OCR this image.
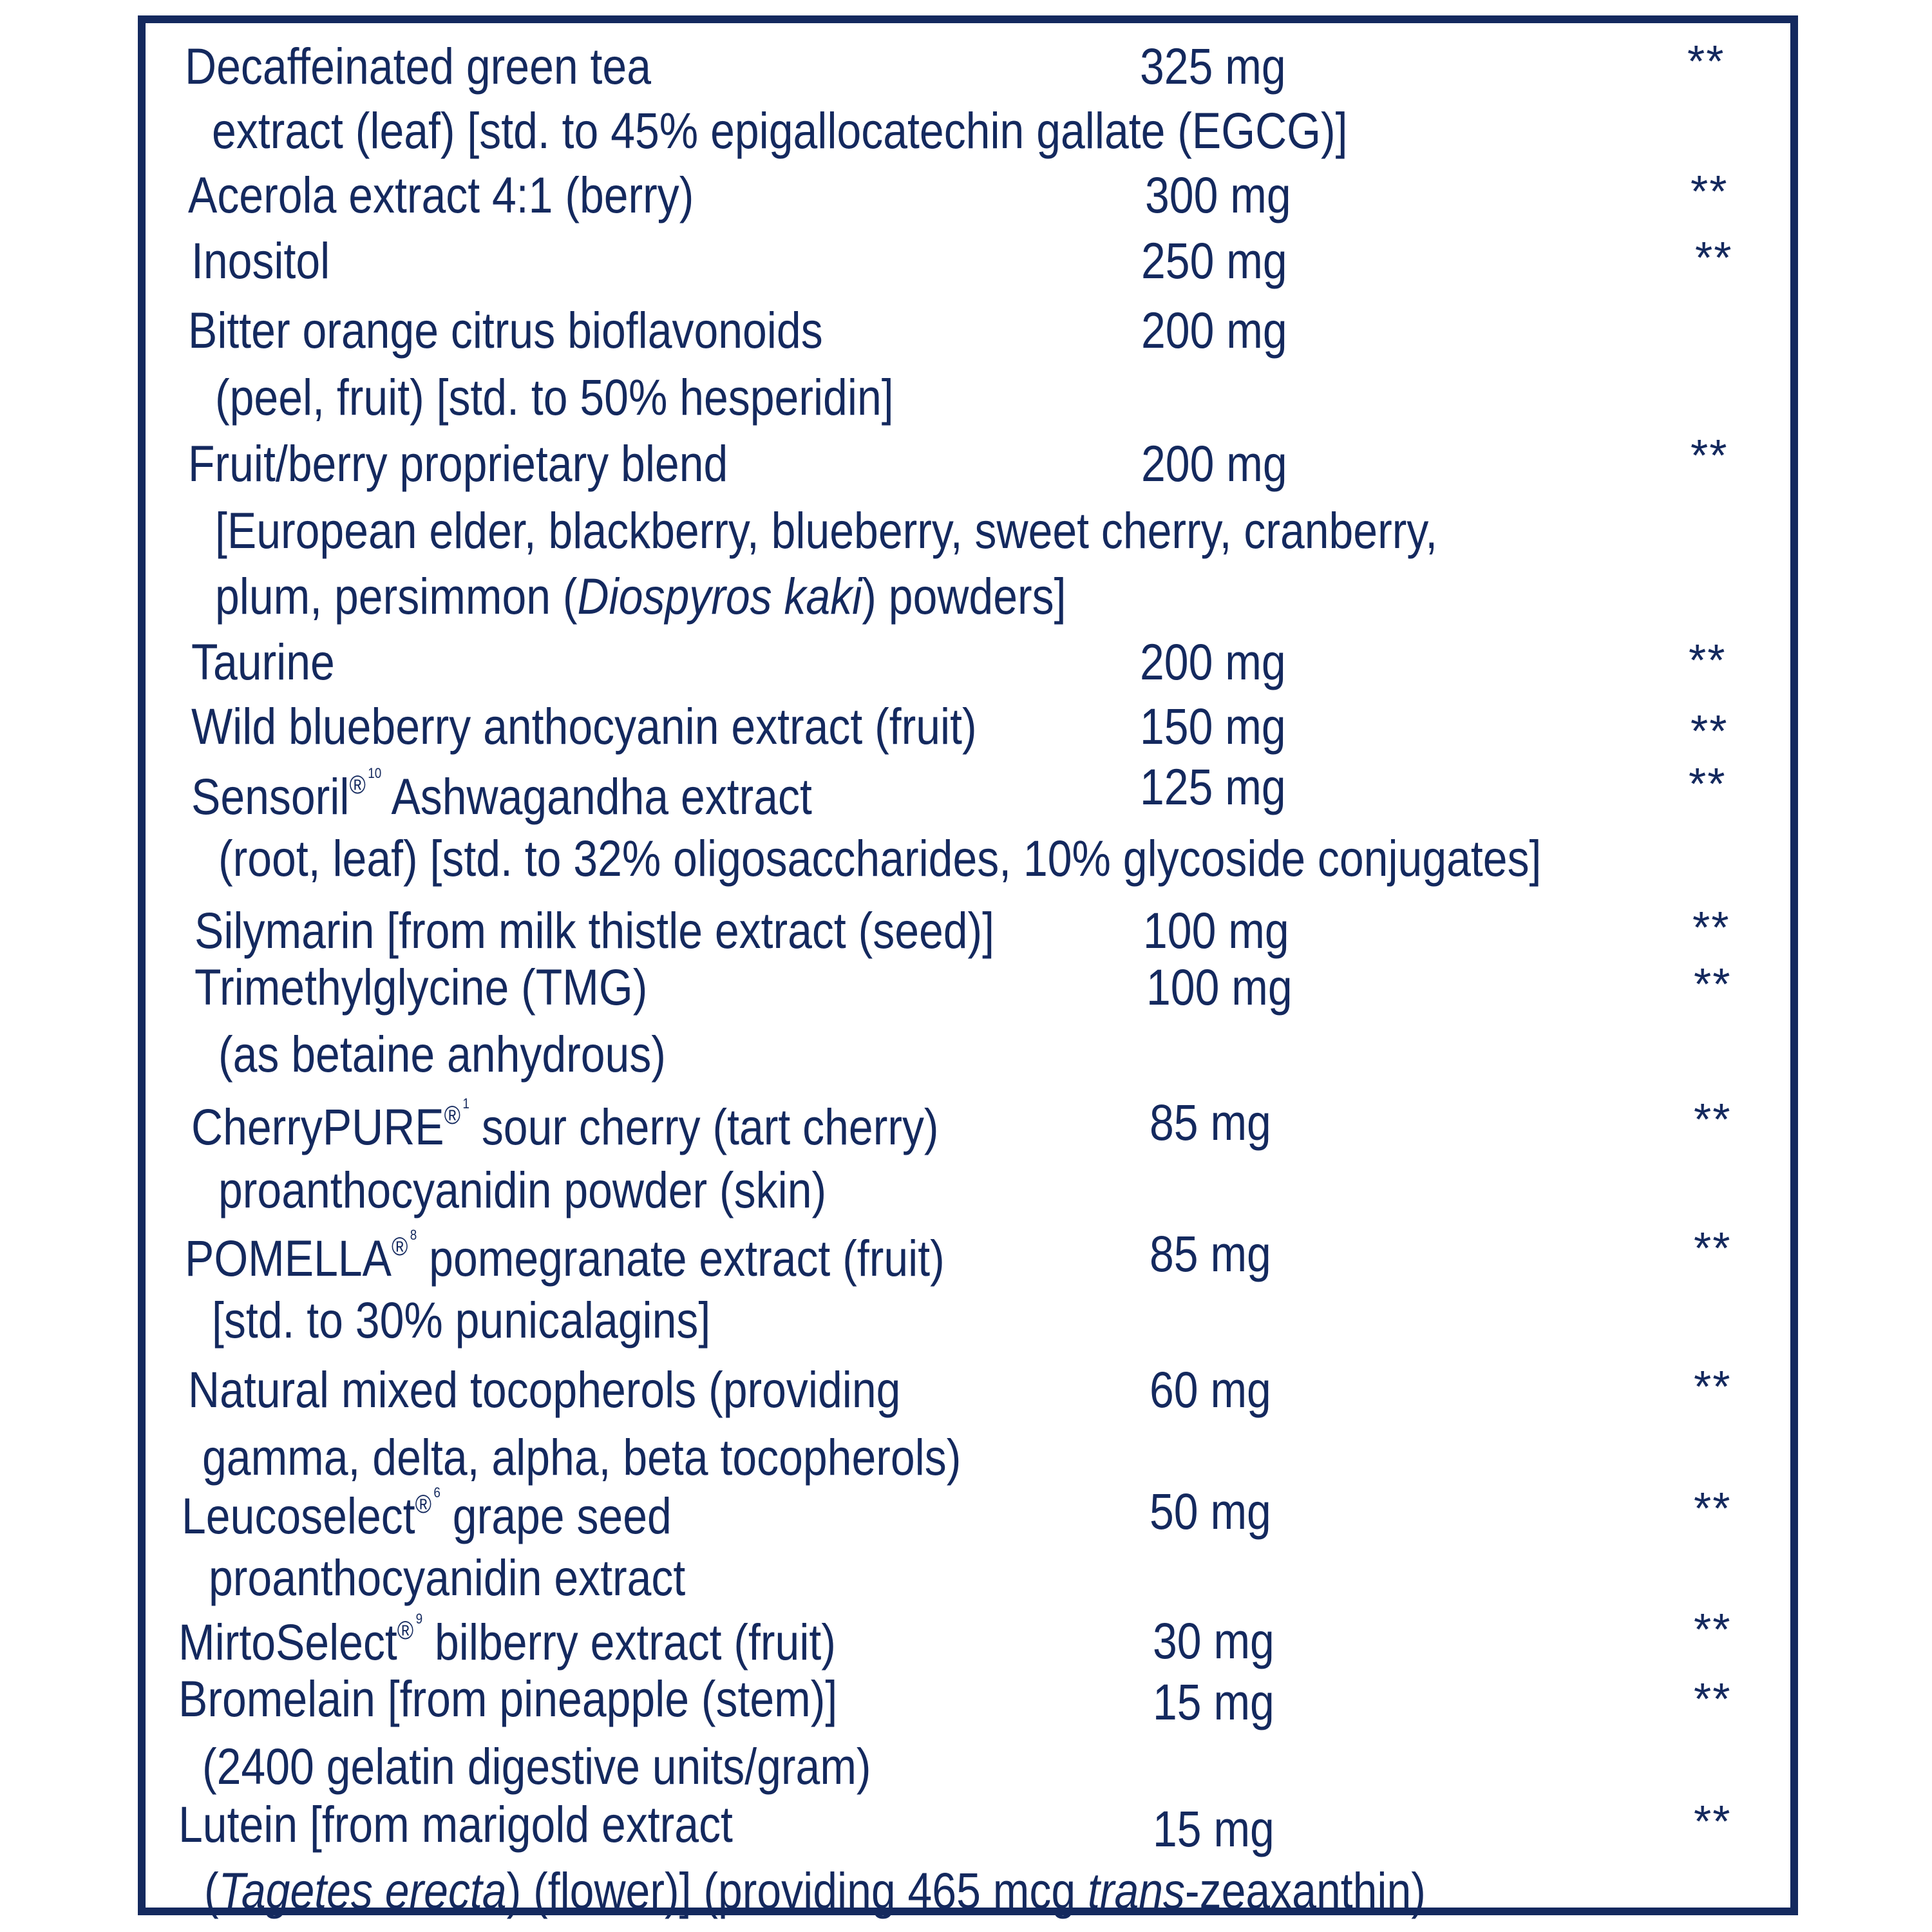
Decaffeinated green tea
extract (leaf) [std. to 45% epigallocatechin gallate (EGCG)]
325 mg	**
Acerola extract 4:1 (berry)	300 mg	**
Inositol	250 mg	**
Bitter orange citrus bioflavonoids
(peel, fruit) [std. to 50% hesperidin]
200 mg
Fruit/berry proprietary blend
[European elder, blackberry, blueberry, sweet cherry, cranberry,
plum, persimmon (Diospyros kaki) powders]
200 mg	**
Taurine	200 mg	**
Wild blueberry anthocyanin extract (fruit)	150 mg	**
Sensoril® $^{10}$ Ashwagandha extract
(root, leaf) [std. to 32% oligosaccharides, 10% glycoside conjugates]
125 mg	**
Silymarin [from milk thistle extract (seed)]	100 mg	**
Trimethylglycine (TMG)
(as betaine anhydrous)
100 mg	**
CherryPURE® $^1$ sour cherry (tart cherry)
proanthocyanidin powder (skin)
85 mg	**
POMELLA® $^8$ pomegranate extract (fruit)
[std. to 30% punicalagins]
85 mg	**
Natural mixed tocopherols (providing
gamma, delta, alpha, beta tocopherols)
60 mg	**
Leucoselect® $^6$ grape seed
proanthocyanidin extract
50 mg	**
MirtoSelect® $^9$ bilberry extract (fruit)	30 mg	**
Bromelain [from pineapple (stem)]
(2400 gelatin digestive units/gram)
15 mg	**
Lutein [from marigold extract
(Tagetes erecta) (flower)] (providing 465 mcg trans-zeaxanthin)
15 mg	**
